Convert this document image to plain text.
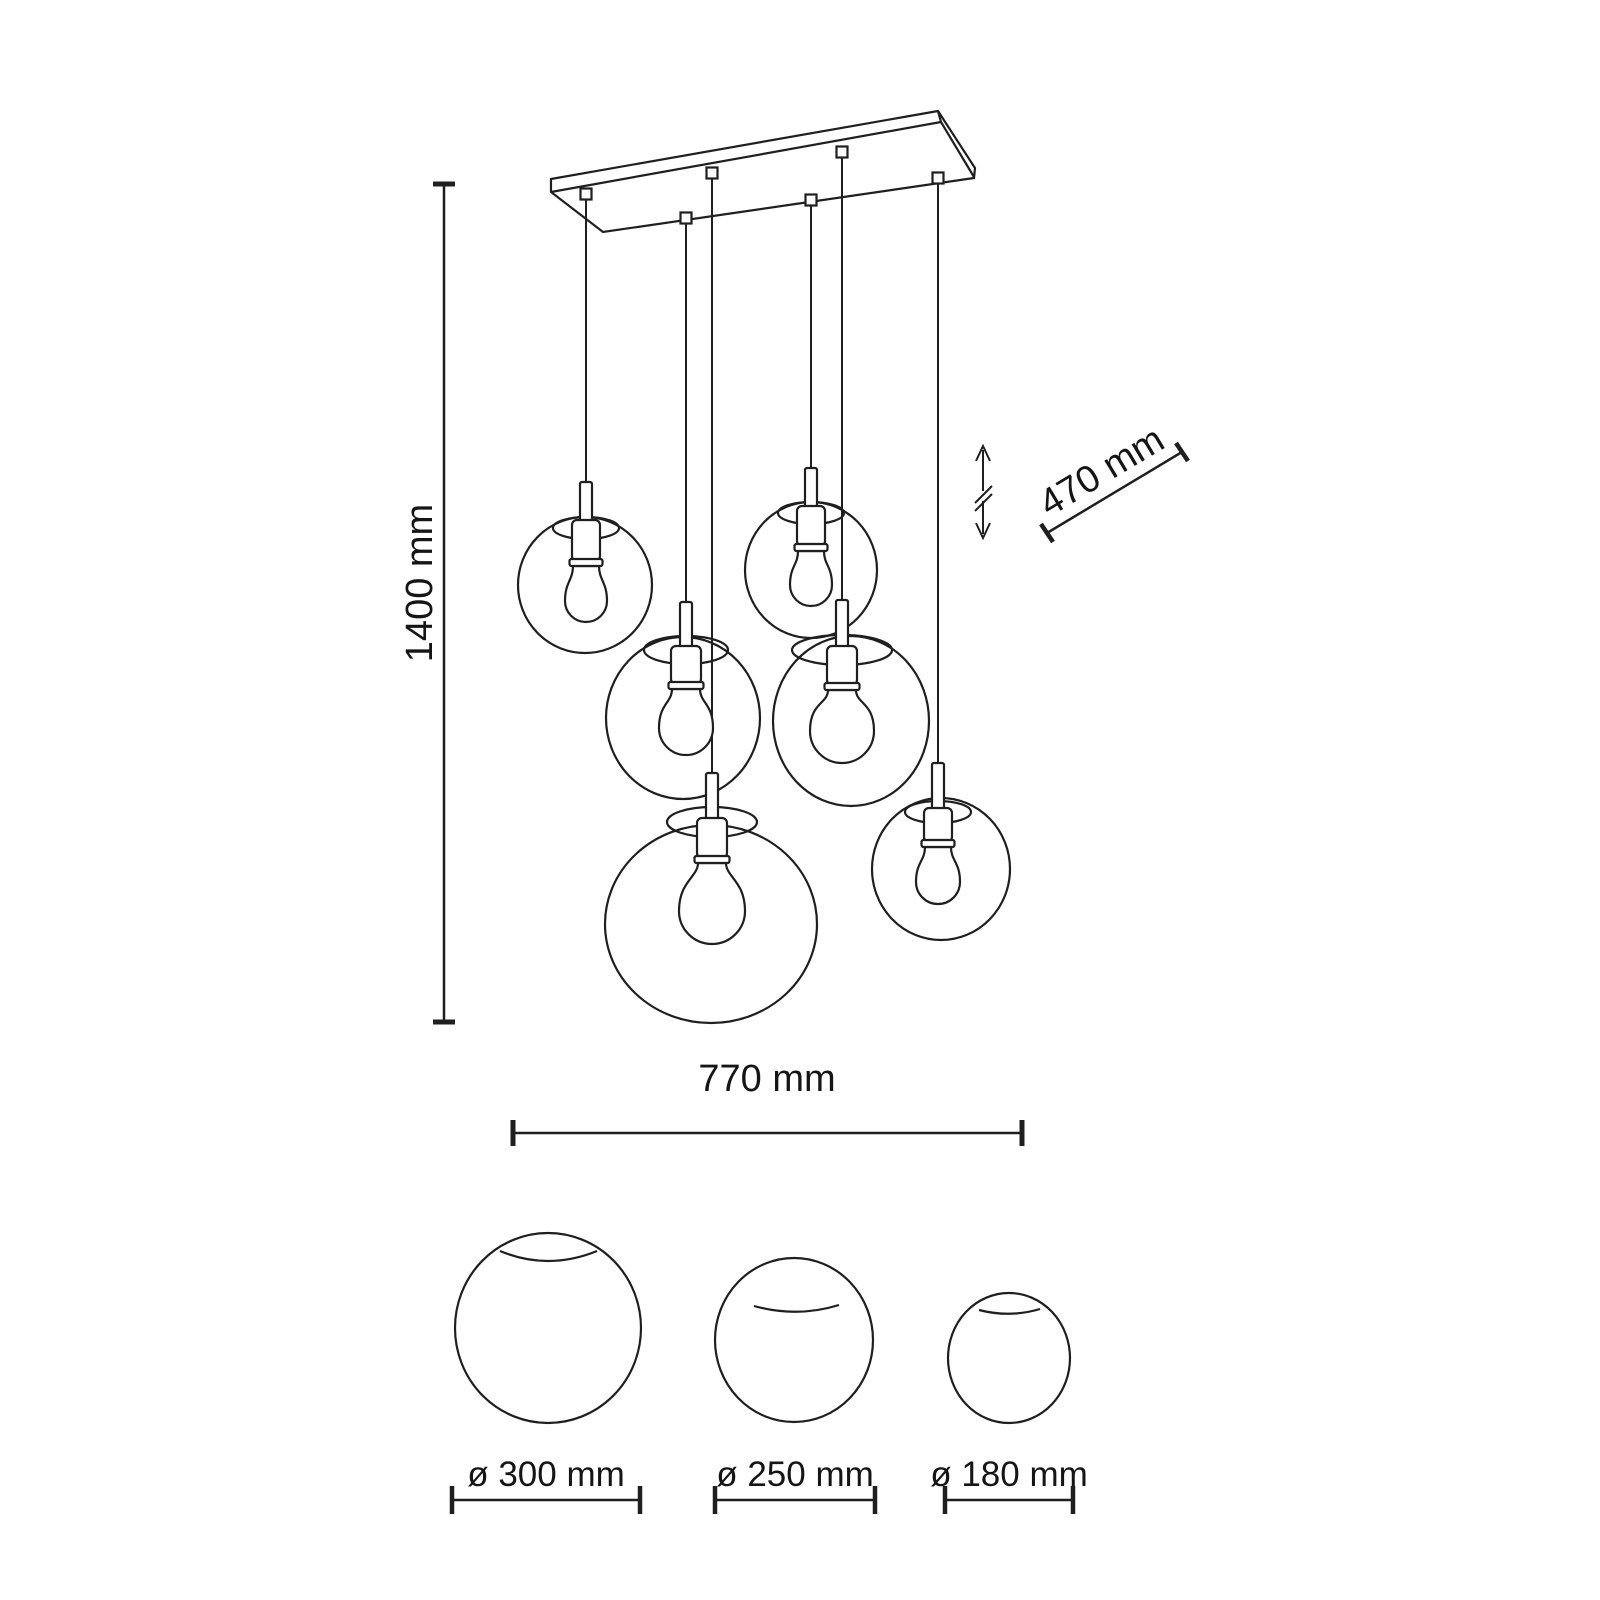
1400 mm
470 mm
770 mm
ø 300 mm	ø 250 mm ø 180 mm
